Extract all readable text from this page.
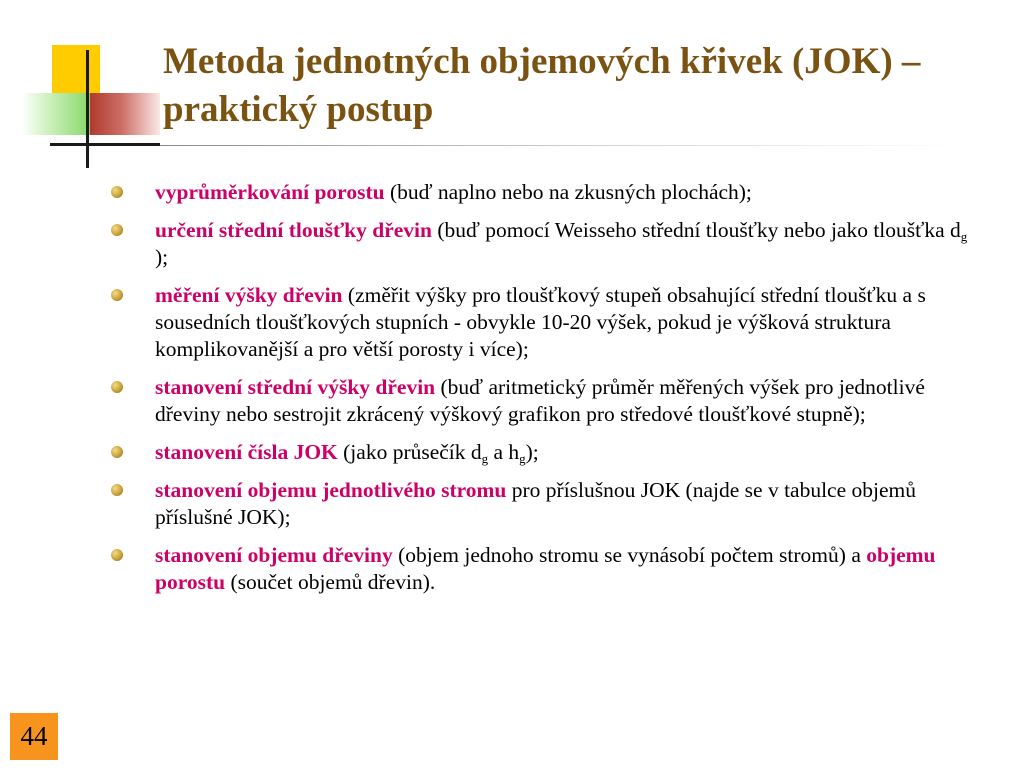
Metoda jednotných objemových křivek (JOK) – praktický postup
vyprůměrkování porostu (buď naplno nebo na zkusných plochách);
určení střední tloušťky dřevin (buď pomocí Weisseho střední tloušťky nebo jako tloušťka $d_g$ );
měření výšky dřevin (změřit výšky pro tloušťkový stupeň obsahující střední tloušťku a s sousedních tloušťkových stupních - obvykle 10-20 výšek, pokud je výšková struktura komplikovanější a pro větší porosty i více);
stanovení střední výšky dřevin (buď aritmetický průměr měřených výšek pro jednotlivé dřeviny nebo sestrojit zkrácený výškový grafikon pro středové tloušťkové stupně);
stanovení čísla JOK (jako průsečík $d_g$ a $h_g$);
stanovení objemu jednotlivého stromu pro příslušnou JOK (najde se v tabulce objemů příslušné JOK);
stanovení objemu dřeviny (objem jednoho stromu se vynásobí počtem stromů) a objemu porostu (součet objemů dřevin).
44
